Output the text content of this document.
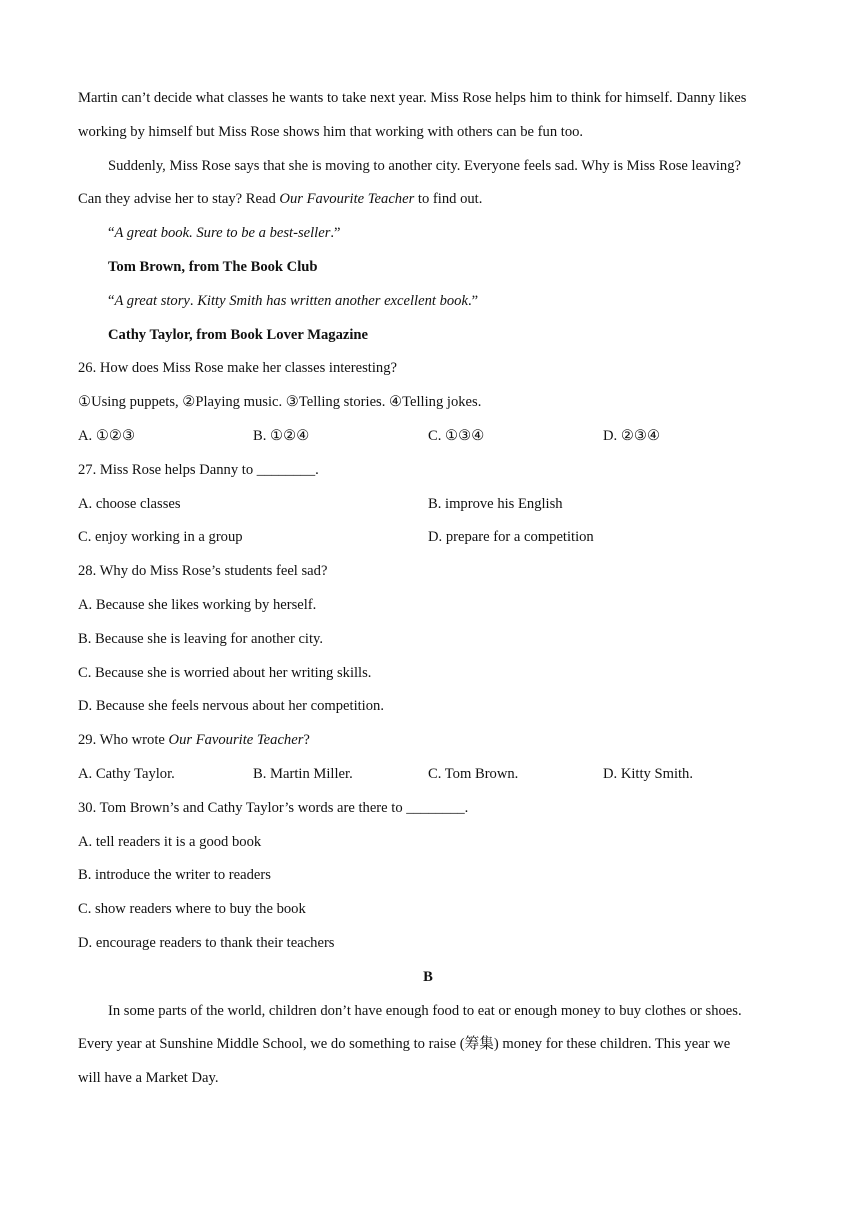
Martin can’t decide what classes he wants to take next year. Miss Rose helps him to think for himself. Danny likes
working by himself but Miss Rose shows him that working with others can be fun too.
Suddenly, Miss Rose says that she is moving to another city. Everyone feels sad. Why is Miss Rose leaving?
Can they advise her to stay? Read Our Favourite Teacher to find out.
“A great book. Sure to be a best-seller.”
Tom Brown, from The Book Club
“A great story. Kitty Smith has written another excellent book.”
Cathy Taylor, from Book Lover Magazine
26. How does Miss Rose make her classes interesting?
①Using puppets, ②Playing music. ③Telling stories. ④Telling jokes.
A. ①②③	B. ①②④	C. ①③④	D. ②③④
27. Miss Rose helps Danny to ________.
A. choose classes	B. improve his English
C. enjoy working in a group	D. prepare for a competition
28. Why do Miss Rose’s students feel sad?
A. Because she likes working by herself.
B. Because she is leaving for another city.
C. Because she is worried about her writing skills.
D. Because she feels nervous about her competition.
29. Who wrote Our Favourite Teacher?
A. Cathy Taylor.	B. Martin Miller.	C. Tom Brown.	D. Kitty Smith.
30. Tom Brown’s and Cathy Taylor’s words are there to ________.
A. tell readers it is a good book
B. introduce the writer to readers
C. show readers where to buy the book
D. encourage readers to thank their teachers
B
In some parts of the world, children don’t have enough food to eat or enough money to buy clothes or shoes.
Every year at Sunshine Middle School, we do something to raise (筹集) money for these children. This year we
will have a Market Day.
